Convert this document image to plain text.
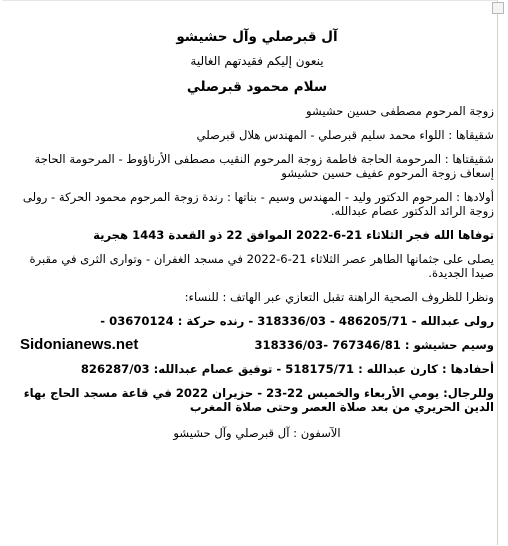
آل قبرصلي وآل حشيشو
ينعون إليكم فقيدتهم الغالية
سلام محمود قبرصلي
زوجة المرحوم مصطفى حسين حشيشو
شقيقاها : اللواء محمد سليم قبرصلي - المهندس هلال قبرصلي
شقيقتاها : المرحومة الحاجة فاطمة زوجة المرحوم النقيب مصطفى الأرناؤوط - المرحومة الحاجة إسعاف زوجة المرحوم عفيف حسين حشيشو
أولادها : المرحوم الدكتور وليد - المهندس وسيم - بناتها : رندة زوجة المرحوم محمود الحركة - رولى زوجة الرائد الدكتور عصام عبدالله.
توفاها الله فجر الثلاثاء 21-6-2022 الموافق 22 ذو القعدة 1443 هجرية
يصلى على جثمانها الطاهر عصر الثلاثاء 21-6-2022 في مسجد الغفران - وتوارى الثرى في مقبرة صيدا الجديدة.
ونظرا للظروف الصحية الراهنة تقبل التعازي عبر الهاتف : للنساء:
رولى عبدالله - 486205/71 - 318336/03 - رنده حركة : 03670124 -
Sidonianews.net	وسيم حشيشو : 767346/81 -318336/03
أحفادها : كارن عبدالله : 518175/71 - توفيق عصام عبدالله: 826287/03
وللرجال: يومي الأربعاء والخميس 22-23 - حزيران 2022 في قاعة مسجد الحاج بهاء الدين الحريري من بعد صلاة العصر وحتى صلاة المغرب
الآسفون : آل قبرصلي وآل حشيشو
